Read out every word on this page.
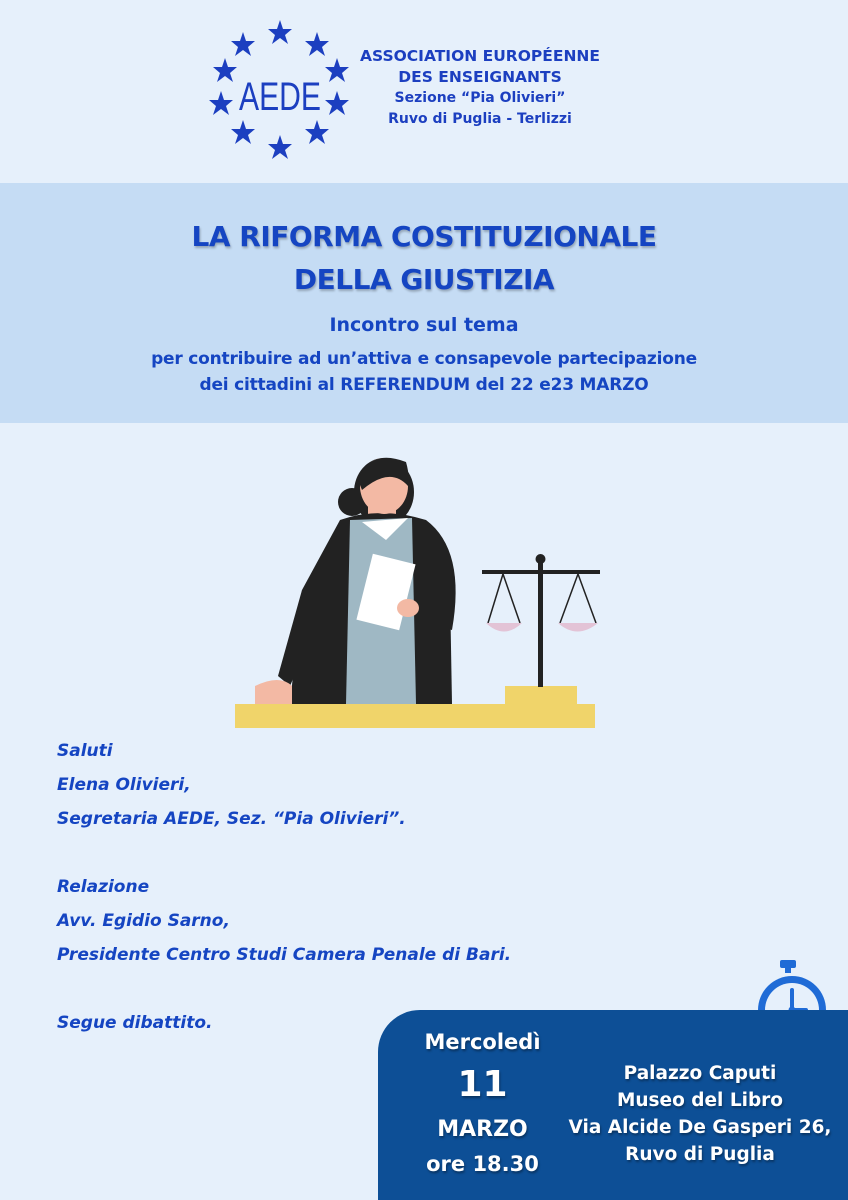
AEDE
ASSOCIATION EUROPÉENNE
DES ENSEIGNANTS
Sezione “Pia Olivieri”
Ruvo di Puglia - Terlizzi
LA RIFORMA COSTITUZIONALE
DELLA GIUSTIZIA
Incontro sul tema
per contribuire ad un’attiva e consapevole partecipazione
dei cittadini al REFERENDUM del 22 e23 MARZO
Saluti
Elena Olivieri,
Segretaria AEDE, Sez. “Pia Olivieri”.
Relazione
Avv. Egidio Sarno,
Presidente Centro Studi Camera Penale di Bari.
Segue dibattito.
Mercoledì
11
MARZO
ore 18.30
Palazzo Caputi
Museo del Libro
Via Alcide De Gasperi 26,
Ruvo di Puglia
